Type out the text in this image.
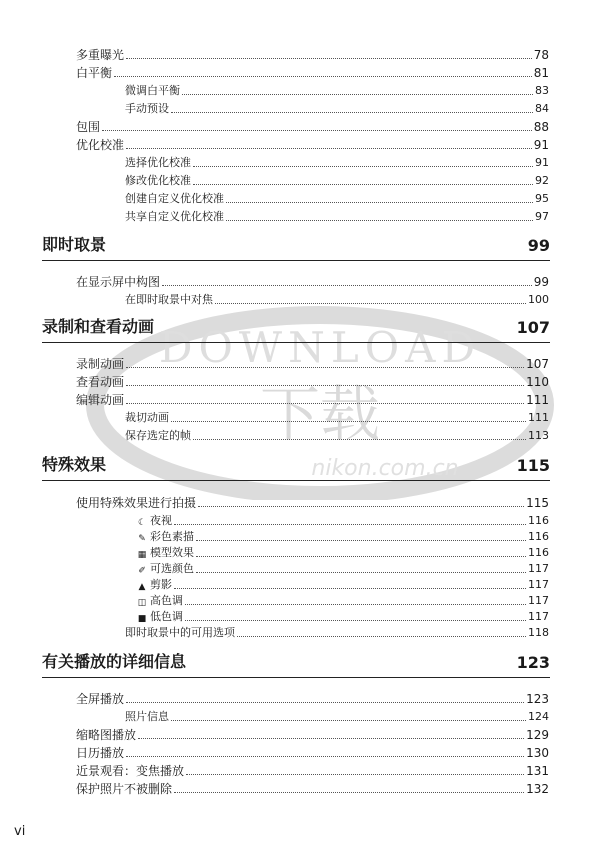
DOWNLOAD
下载
nikon.com.cn
多重曝光	78
白平衡	81
微调白平衡	83
手动预设	84
包围	88
优化校准	91
选择优化校准	91
修改优化校准	92
创建自定义优化校准	95
共享自定义优化校准	97
即时取景	99
在显示屏中构图	99
在即时取景中对焦	100
录制和查看动画	107
录制动画	107
查看动画	110
编辑动画	111
裁切动画	111
保存选定的帧	113
特殊效果	115
使用特殊效果进行拍摄	115
☾ 夜视	116
✎ 彩色素描	116
▦ 模型效果	116
✐ 可选颜色	117
▲ 剪影	117
◫ 高色调	117
■ 低色调	117
即时取景中的可用选项	118
有关播放的详细信息	123
全屏播放	123
照片信息	124
缩略图播放	129
日历播放	130
近景观看：变焦播放	131
保护照片不被删除	132
vi
